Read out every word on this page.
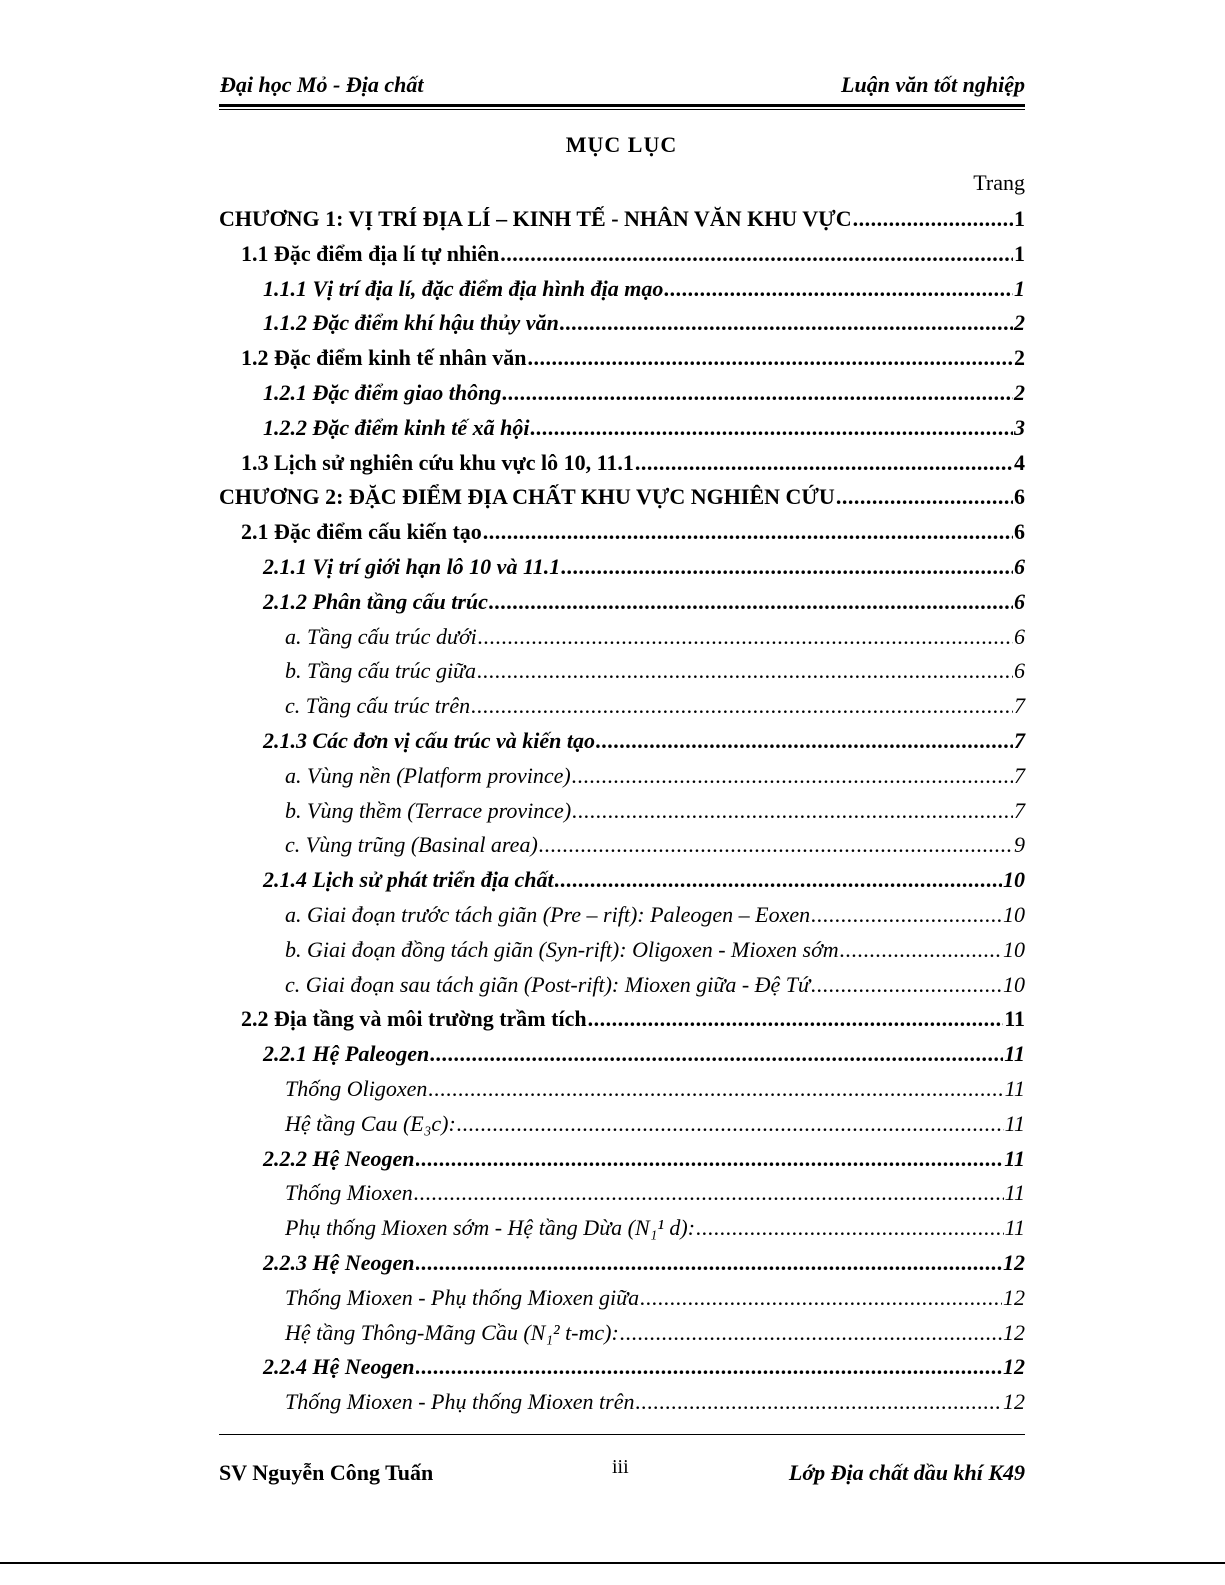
Đại học Mỏ - Địa chất	Luận văn tốt nghiệp
MỤC LỤC
Trang
CHƯƠNG 1: VỊ TRÍ ĐỊA LÍ – KINH TẾ - NHÂN VĂN KHU VỰC .....	1
1.1 Đặc điểm địa lí tự nhiên .....	1
1.1.1 Vị trí địa lí, đặc điểm địa hình địa mạo .....	1
1.1.2 Đặc điểm khí hậu thủy văn .....	2
1.2 Đặc điểm kinh tế nhân văn .....	2
1.2.1 Đặc điểm giao thông .....	2
1.2.2 Đặc điểm kinh tế xã hội .....	3
1.3 Lịch sử nghiên cứu khu vực lô 10, 11.1 .....	4
CHƯƠNG 2: ĐẶC ĐIỂM ĐỊA CHẤT KHU VỰC NGHIÊN CỨU .....	6
2.1 Đặc điểm cấu kiến tạo .....	6
2.1.1 Vị trí giới hạn lô 10 và 11.1 .....	6
2.1.2 Phân tầng cấu trúc .....	6
a. Tầng cấu trúc dưới .....	6
b. Tầng cấu trúc giữa .....	6
c. Tầng cấu trúc trên .....	7
2.1.3 Các đơn vị cấu trúc và kiến tạo .....	7
a. Vùng nền (Platform province) .....	7
b. Vùng thềm (Terrace province) .....	7
c. Vùng trũng (Basinal area) .....	9
2.1.4 Lịch sử phát triển địa chất .....	10
a. Giai đoạn trước tách giãn (Pre – rift): Paleogen – Eoxen .....	10
b. Giai đoạn đồng tách giãn (Syn-rift): Oligoxen - Mioxen sớm .....	10
c. Giai đoạn sau tách giãn (Post-rift): Mioxen giữa - Đệ Tứ .....	10
2.2 Địa tầng và môi trường trầm tích .....	11
2.2.1 Hệ Paleogen .....	11
Thống Oligoxen .....	11
Hệ tầng Cau (E₃c): .....	11
2.2.2 Hệ Neogen .....	11
Thống Mioxen .....	11
Phụ thống Mioxen sớm - Hệ tầng Dừa (N₁¹ d): .....	11
2.2.3 Hệ Neogen .....	12
Thống Mioxen - Phụ thống Mioxen giữa .....	12
Hệ tầng Thông-Mãng Cầu (N₁² t-mc): .....	12
2.2.4 Hệ Neogen .....	12
Thống Mioxen - Phụ thống Mioxen trên .....	12
SV Nguyễn Công Tuấn	iii	Lớp Địa chất dầu khí K49
